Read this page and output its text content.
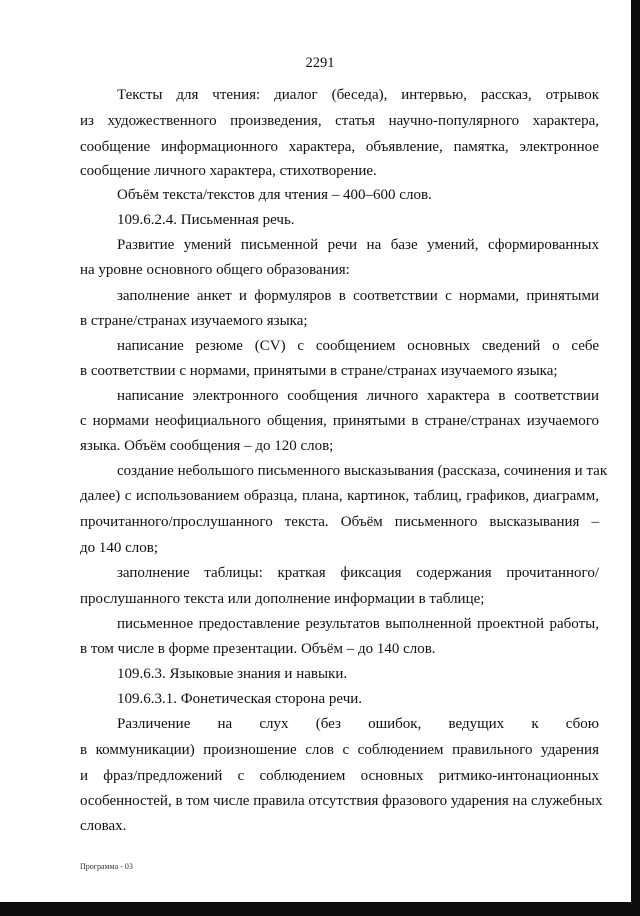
2291
Тексты для чтения: диалог (беседа), интервью, рассказ, отрывок
из художественного произведения, статья научно-популярного характера,
сообщение информационного характера, объявление, памятка, электронное
сообщение личного характера, стихотворение.
Объём текста/текстов для чтения – 400–600 слов.
109.6.2.4. Письменная речь.
Развитие умений письменной речи на базе умений, сформированных
на уровне основного общего образования:
заполнение анкет и формуляров в соответствии с нормами, принятыми
в стране/странах изучаемого языка;
написание резюме (CV) с сообщением основных сведений о себе
в соответствии с нормами, принятыми в стране/странах изучаемого языка;
написание электронного сообщения личного характера в соответствии
с нормами неофициального общения, принятыми в стране/странах изучаемого
языка. Объём сообщения – до 120 слов;
создание небольшого письменного высказывания (рассказа, сочинения и так
далее) с использованием образца, плана, картинок, таблиц, графиков, диаграмм,
прочитанного/прослушанного текста. Объём письменного высказывания –
до 140 слов;
заполнение таблицы: краткая фиксация содержания прочитанного/
прослушанного текста или дополнение информации в таблице;
письменное предоставление результатов выполненной проектной работы,
в том числе в форме презентации. Объём – до 140 слов.
109.6.3. Языковые знания и навыки.
109.6.3.1. Фонетическая сторона речи.
Различение на слух (без ошибок, ведущих к сбою
в коммуникации) произношение слов с соблюдением правильного ударения
и фраз/предложений с соблюдением основных ритмико-интонационных
особенностей, в том числе правила отсутствия фразового ударения на служебных
словах.
Программа - 03
